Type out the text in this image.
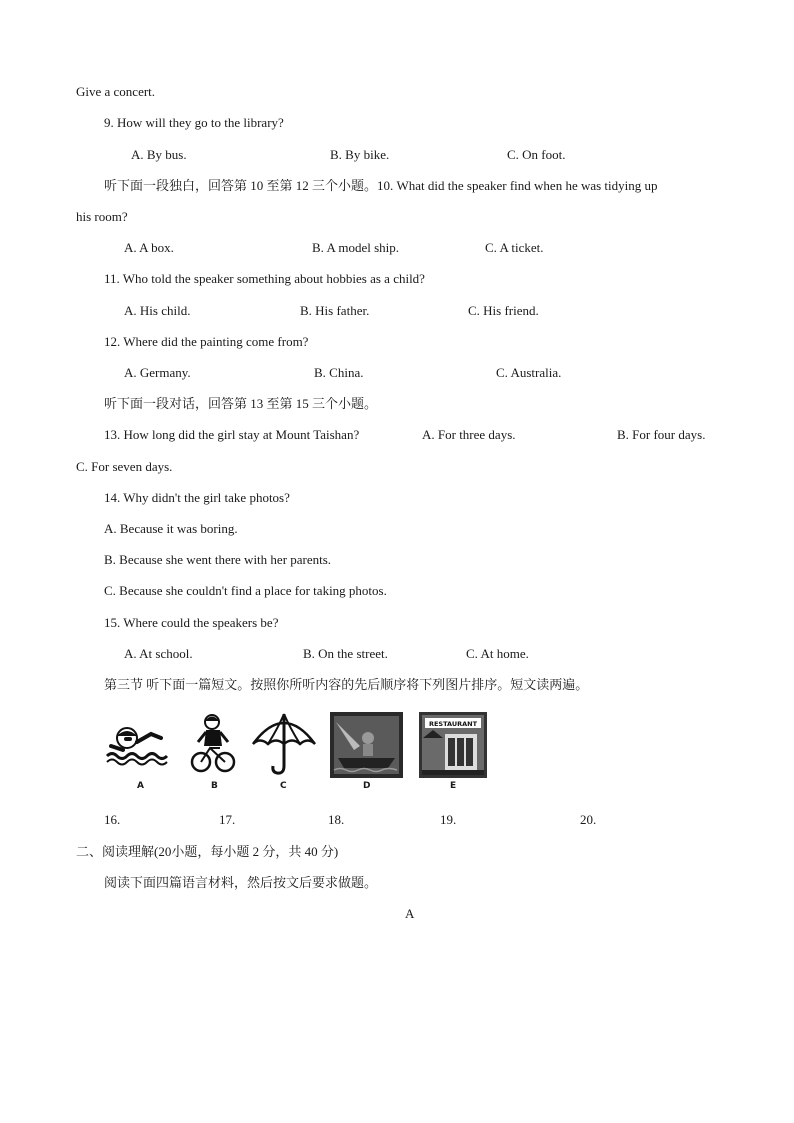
Give a concert.
9. How will they go to the library?
A. By bus.	B. By bike.	C. On foot.
听下面一段独白，回答第 10 至第 12 三个小题。10. What did the speaker find when he was tidying up
his room?
A. A box.	B. A model ship.	C. A ticket.
11. Who told the speaker something about hobbies as a child?
A. His child.	B. His father.	C. His friend.
12. Where did the painting come from?
A. Germany.	B. China.	C. Australia.
听下面一段对话，回答第 13 至第 15 三个小题。
13. How long did the girl stay at Mount Taishan?	A. For three days.	B. For four days.
C. For seven days.
14. Why didn't the girl take photos?
A. Because it was boring.
B. Because she went there with her parents.
C. Because she couldn't find a place for taking photos.
15. Where could the speakers be?
A. At school.	B. On the street.	C. At home.
第三节 听下面一篇短文。按照你所听内容的先后顺序将下列图片排序。短文读两遍。
RESTAURANT
A	B	C	D	E
16.	17.	18.	19.	20.
二、阅读理解(20小题，每小题 2 分，共 40 分)
阅读下面四篇语言材料，然后按文后要求做题。
A
